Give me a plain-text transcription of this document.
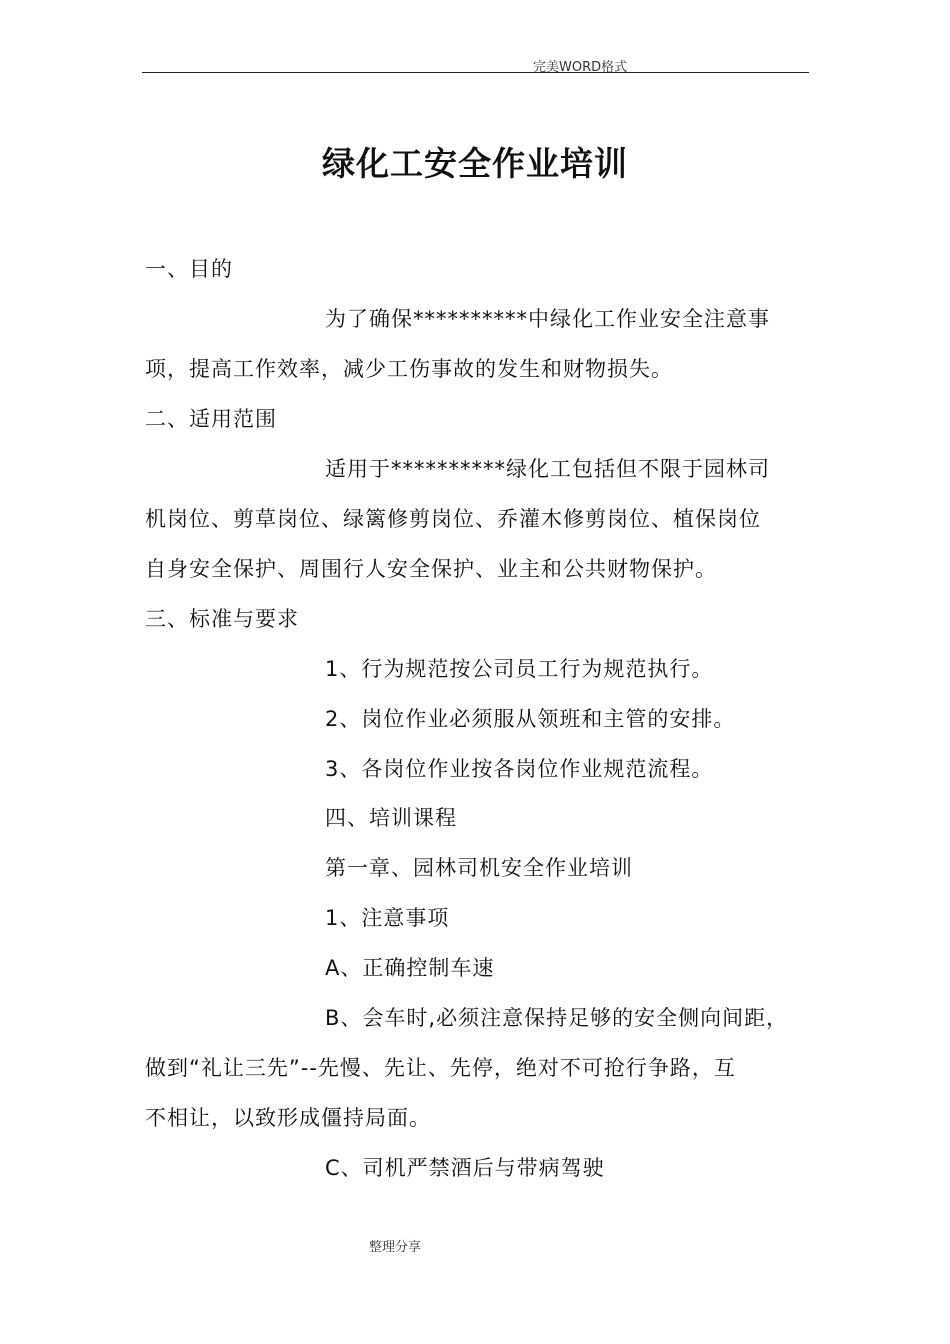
完美WORD格式
绿化工安全作业培训
一、目的
为了确保**********中绿化工作业安全注意事
项，提高工作效率，减少工伤事故的发生和财物损失。
二、适用范围
适用于**********绿化工包括但不限于园林司
机岗位、剪草岗位、绿篱修剪岗位、乔灌木修剪岗位、植保岗位
自身安全保护、周围行人安全保护、业主和公共财物保护。
三、标准与要求
1、行为规范按公司员工行为规范执行。
2、岗位作业必须服从领班和主管的安排。
3、各岗位作业按各岗位作业规范流程。
四、培训课程
第一章、园林司机安全作业培训
1、注意事项
A、正确控制车速
B、会车时,必须注意保持足够的安全侧向间距，
做到“礼让三先”--先慢、先让、先停，绝对不可抢行争路，互
不相让，以致形成僵持局面。
C、司机严禁酒后与带病驾驶
整理分享
